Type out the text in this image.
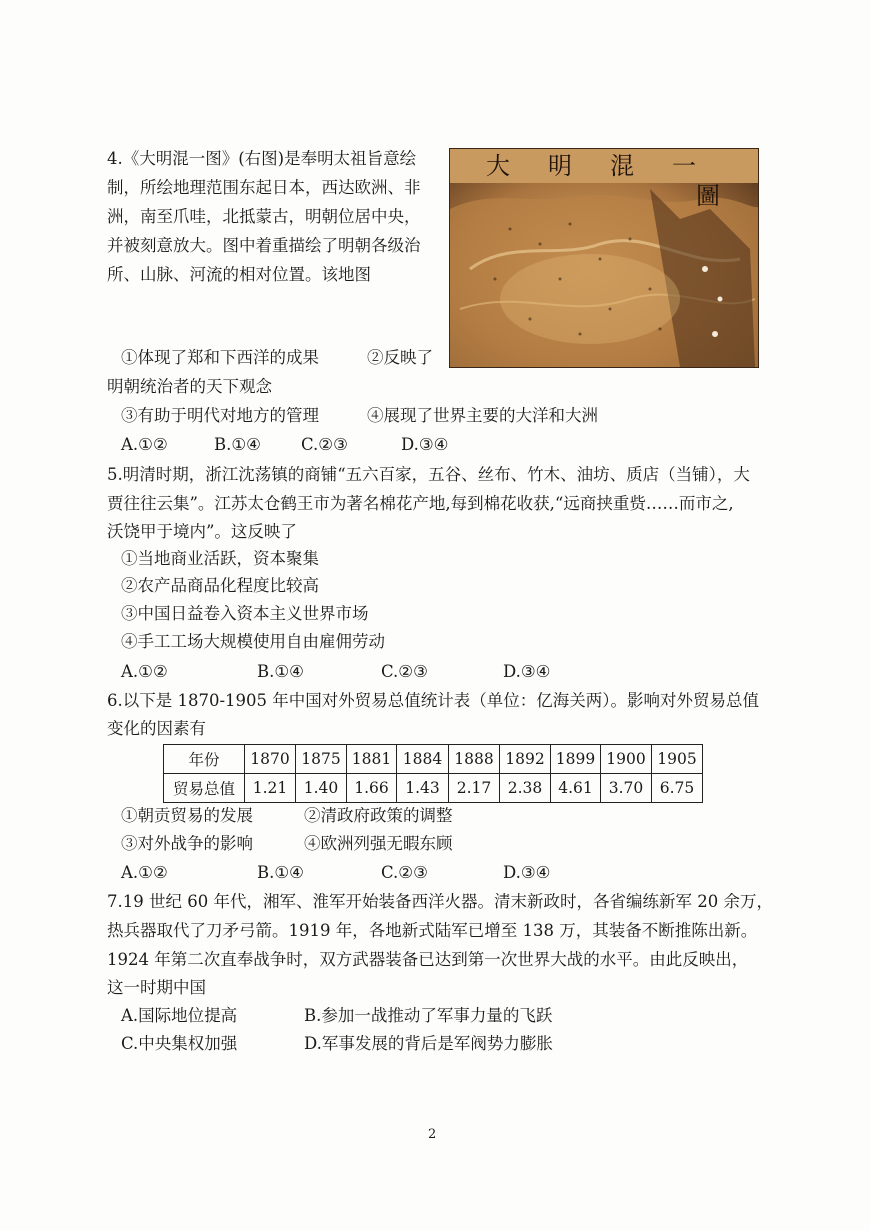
4.《大明混一图》(右图)是奉明太祖旨意绘
制，所绘地理范围东起日本，西达欧洲、非
洲，南至爪哇，北抵蒙古，明朝位居中央，
并被刻意放大。图中着重描绘了明朝各级治
所、山脉、河流的相对位置。该地图
大明混一圖
①体现了郑和下西洋的成果	②反映了
明朝统治者的天下观念
③有助于明代对地方的管理	④展现了世界主要的大洋和大洲
A.①②	B.①④ C.②③	D.③④
5.明清时期，浙江沈荡镇的商铺“五六百家，五谷、丝布、竹木、油坊、质店（当铺），大
贾往往云集”。江苏太仓鹤王市为著名棉花产地,每到棉花收获,“远商挟重赀……而市之,
沃饶甲于境内”。这反映了
①当地商业活跃，资本聚集
②农产品商品化程度比较高
③中国日益卷入资本主义世界市场
④手工工场大规模使用自由雇佣劳动
A.①②	B.①④	C.②③	D.③④
6.以下是 1870-1905 年中国对外贸易总值统计表（单位：亿海关两）。影响对外贸易总值
变化的因素有
年份	1870	1875	1881	1884	1888	1892	1899	1900	1905
贸易总值	1.21	1.40	1.66	1.43	2.17	2.38	4.61	3.70	6.75
①朝贡贸易的发展	②清政府政策的调整
③对外战争的影响	④欧洲列强无暇东顾
A.①②	B.①④	C.②③	D.③④
7.19 世纪 60 年代，湘军、淮军开始装备西洋火器。清末新政时，各省编练新军 20 余万，
热兵器取代了刀矛弓箭。1919 年，各地新式陆军已增至 138 万，其装备不断推陈出新。
1924 年第二次直奉战争时，双方武器装备已达到第一次世界大战的水平。由此反映出，
这一时期中国
A.国际地位提高	B.参加一战推动了军事力量的飞跃
C.中央集权加强	D.军事发展的背后是军阀势力膨胀
2
